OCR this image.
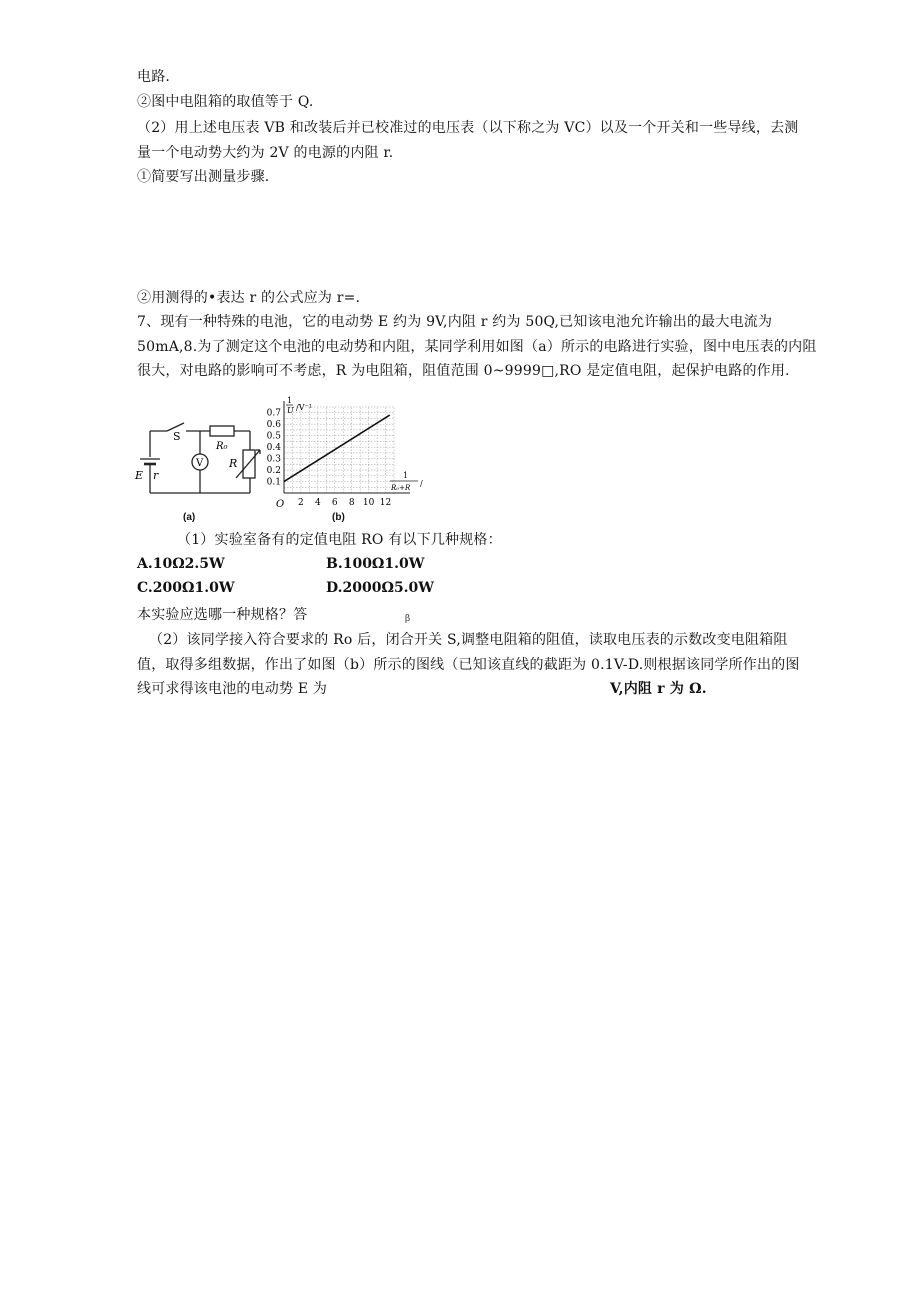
电路.
②图中电阻箱的取值等于 Q.
（2）用上述电压表 VB 和改装后并已校准过的电压表（以下称之为 VC）以及一个开关和一些导线，去测
量一个电动势大约为 2V 的电源的内阻 r.
①简要写出测量步骤.
②用测得的•表达 r 的公式应为 r=.
7、现有一种特殊的电池，它的电动势 E 约为 9V,内阻 r 约为 50Q,已知该电池允许输出的最大电流为
50mA,8.为了测定这个电池的电动势和内阻，某同学利用如图（a）所示的电路进行实验，图中电压表的内阻
很大，对电路的影响可不考虑，R 为电阻箱，阻值范围 0~9999□,RO 是定值电阻，起保护电路的作用.
V
S
R₀
R
E r
0.1
0.2
0.3
0.4
0.5
0.6
0.7
2 4 6 8 10 12
1
U /V⁻¹
1
R₀+R /
O
(a)	(b)
（1）实验室备有的定值电阻 RO 有以下几种规格：
A.10Ω2.5W	B.100Ω1.0W
C.200Ω1.0W	D.2000Ω5.0W
本实验应选哪一种规格？答	β
（2）该同学接入符合要求的 Ro 后，闭合开关 S,调整电阻箱的阻值，读取电压表的示数改变电阻箱阻
值，取得多组数据，作出了如图（b）所示的图线（已知该直线的截距为 0.1V-D.则根据该同学所作出的图
线可求得该电池的电动势 E 为	V,内阻 r 为 Ω.
